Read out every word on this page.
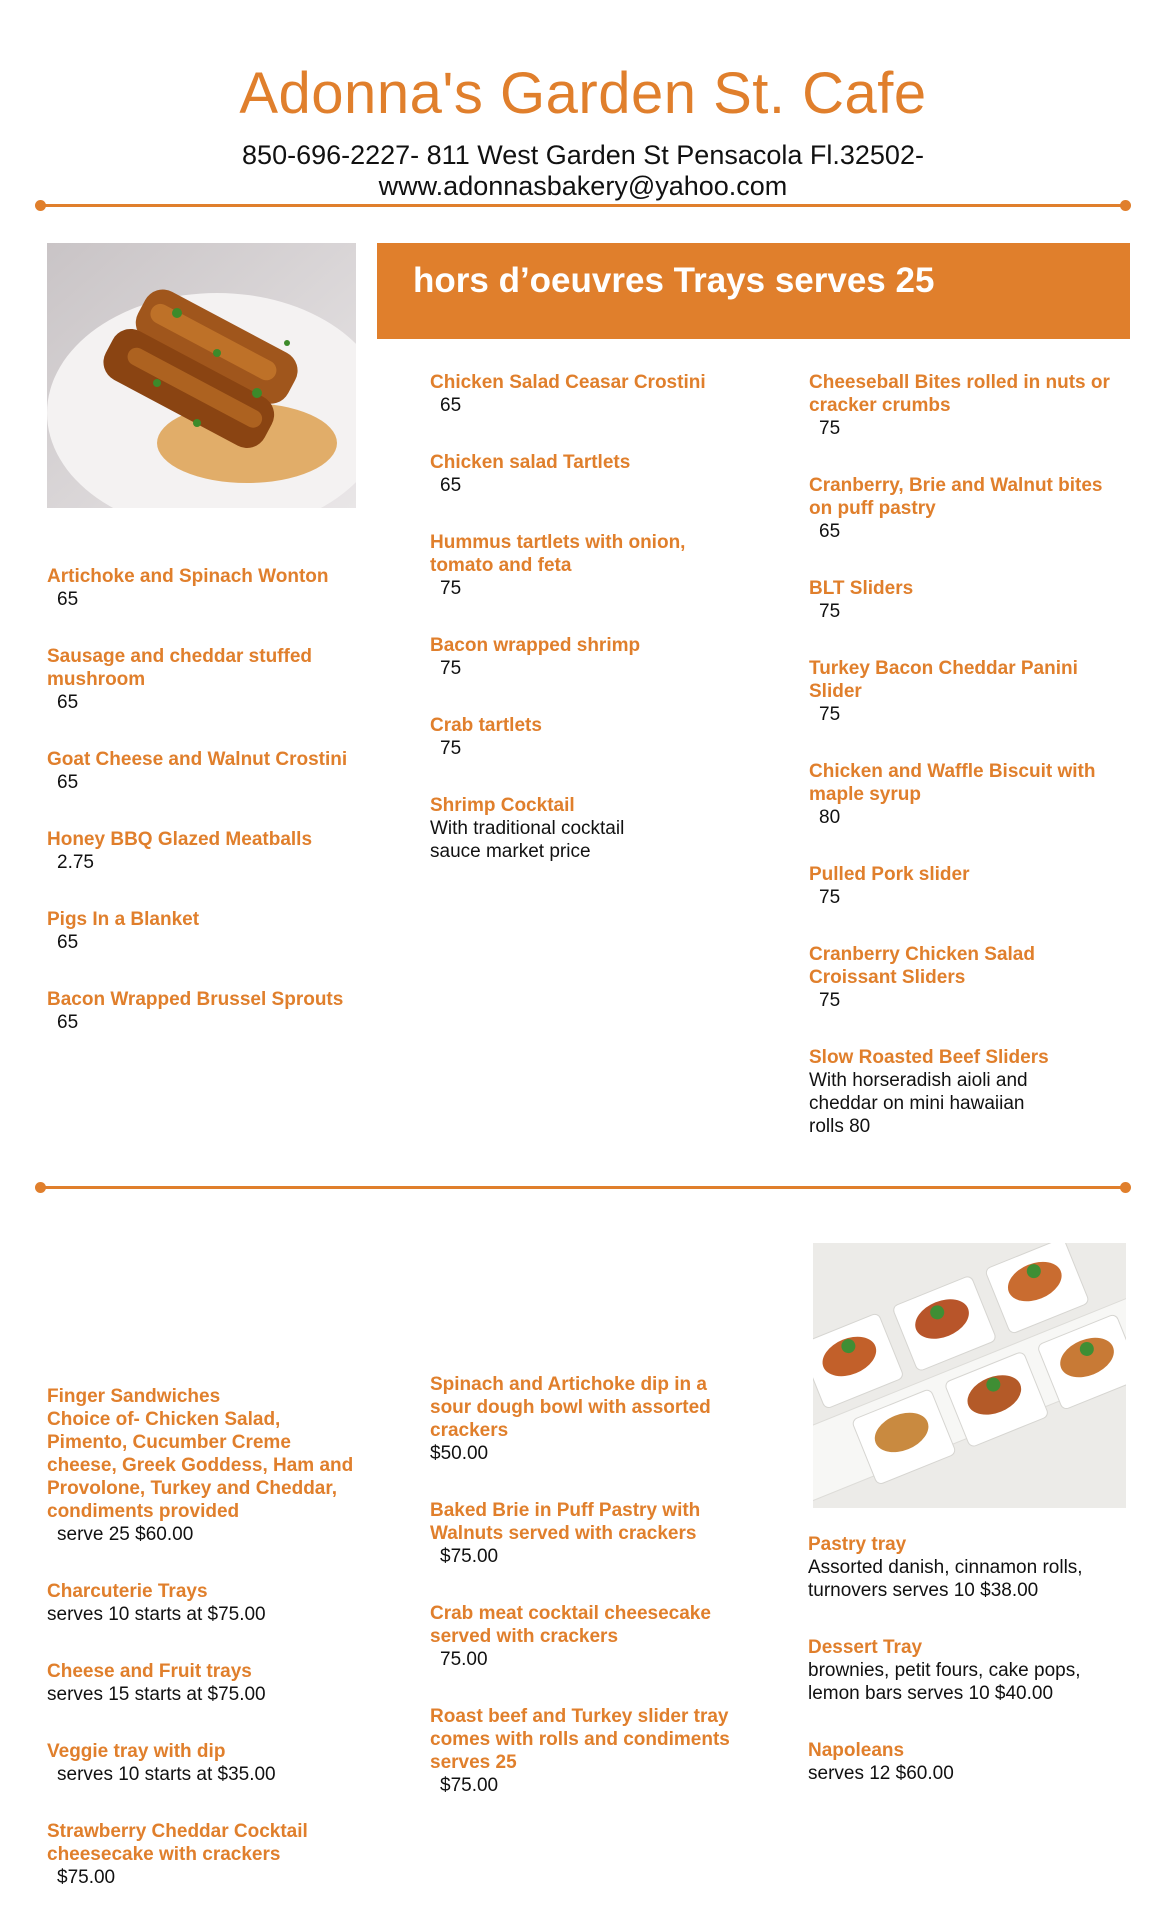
Adonna's Garden St. Cafe
850-696-2227- 811 West Garden St Pensacola Fl.32502-
www.adonnasbakery@yahoo.com
hors d’oeuvres Trays serves 25
Artichoke and Spinach Wonton
65
Sausage and cheddar stuffed
mushroom
65
Goat Cheese and Walnut Crostini
65
Honey BBQ Glazed Meatballs
2.75
Pigs In a Blanket
65
Bacon Wrapped Brussel Sprouts
65
Chicken Salad Ceasar Crostini
65
Chicken salad Tartlets
65
Hummus tartlets with onion,
tomato and feta
75
Bacon wrapped shrimp
75
Crab tartlets
75
Shrimp Cocktail
With traditional cocktail
sauce market price
Cheeseball Bites rolled in nuts or
cracker crumbs
75
Cranberry, Brie and Walnut bites
on puff pastry
65
BLT Sliders
75
Turkey Bacon Cheddar Panini
Slider
75
Chicken and Waffle Biscuit with
maple syrup
80
Pulled Pork slider
75
Cranberry Chicken Salad
Croissant Sliders
75
Slow Roasted Beef Sliders
With horseradish aioli and
cheddar on mini hawaiian
rolls 80
Finger Sandwiches
Choice of- Chicken Salad,
Pimento, Cucumber Creme
cheese, Greek Goddess, Ham and
Provolone, Turkey and Cheddar,
condiments provided
serve 25 $60.00
Charcuterie Trays
serves 10 starts at $75.00
Cheese and Fruit trays
serves 15 starts at $75.00
Veggie tray with dip
serves 10 starts at $35.00
Strawberry Cheddar Cocktail
cheesecake with crackers
$75.00
Spinach and Artichoke dip in a
sour dough bowl with assorted
crackers
$50.00
Baked Brie in Puff Pastry with
Walnuts served with crackers
$75.00
Crab meat cocktail cheesecake
served with crackers
75.00
Roast beef and Turkey slider tray
comes with rolls and condiments
serves 25
$75.00
Pastry tray
Assorted danish, cinnamon rolls,
turnovers serves 10 $38.00
Dessert Tray
brownies, petit fours, cake pops,
lemon bars serves 10 $40.00
Napoleans
serves 12 $60.00
